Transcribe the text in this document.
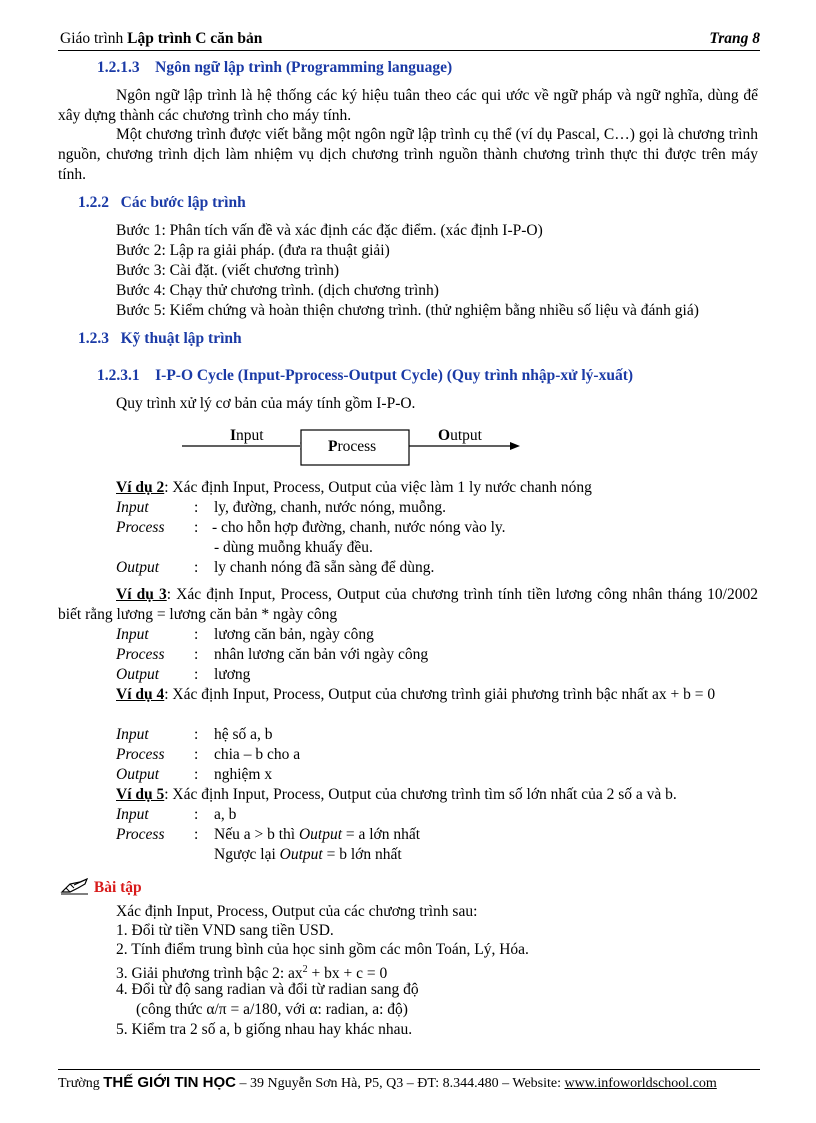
Giáo trình Lập trình C căn bản	Trang 8
1.2.1.3 Ngôn ngữ lập trình (Programming language)
Ngôn ngữ lập trình là hệ thống các ký hiệu tuân theo các qui ước về ngữ pháp và ngữ nghĩa, dùng để xây dựng thành các chương trình cho máy tính.
Một chương trình được viết bằng một ngôn ngữ lập trình cụ thể (ví dụ Pascal, C…) gọi là chương trình nguồn, chương trình dịch làm nhiệm vụ dịch chương trình nguồn thành chương trình thực thi được trên máy tính.
1.2.2 Các bước lập trình
Bước 1: Phân tích vấn đề và xác định các đặc điểm. (xác định I-P-O)
Bước 2: Lập ra giải pháp. (đưa ra thuật giải)
Bước 3: Cài đặt. (viết chương trình)
Bước 4: Chạy thử chương trình. (dịch chương trình)
Bước 5: Kiểm chứng và hoàn thiện chương trình. (thử nghiệm bằng nhiều số liệu và đánh giá)
1.2.3 Kỹ thuật lập trình
1.2.3.1 I-P-O Cycle (Input-Pprocess-Output Cycle) (Quy trình nhập-xử lý-xuất)
Quy trình xử lý cơ bản của máy tính gồm I-P-O.
Input
Process
Output
Ví dụ 2: Xác định Input, Process, Output của việc làm 1 ly nước chanh nóng
Input	: ly, đường, chanh, nước nóng, muỗng.
Process : - cho hỗn hợp đường, chanh, nước nóng vào ly.
- dùng muỗng khuấy đều.
Output : ly chanh nóng đã sẵn sàng để dùng.
Ví dụ 3: Xác định Input, Process, Output của chương trình tính tiền lương công nhân tháng 10/2002 biết rằng lương = lương căn bản * ngày công
Input	: lương căn bản, ngày công
Process : nhân lương căn bản với ngày công
Output : lương
Ví dụ 4: Xác định Input, Process, Output của chương trình giải phương trình bậc nhất ax + b = 0
Input	: hệ số a, b
Process : chia – b cho a
Output : nghiệm x
Ví dụ 5: Xác định Input, Process, Output của chương trình tìm số lớn nhất của 2 số a và b.
Input	: a, b
Process : Nếu a > b thì Output = a lớn nhất
Ngược lại Output = b lớn nhất
Bài tập
Xác định Input, Process, Output của các chương trình sau:
1. Đổi từ tiền VND sang tiền USD.
2. Tính điểm trung bình của học sinh gồm các môn Toán, Lý, Hóa.
3. Giải phương trình bậc 2: $ax^2$ + bx + c = 0
4. Đổi từ độ sang radian và đổi từ radian sang độ
(công thức α/π = a/180, với α: radian, a: độ)
5. Kiểm tra 2 số a, b giống nhau hay khác nhau.
Trường THẾ GIỚI TIN HỌC – 39 Nguyễn Sơn Hà, P5, Q3 – ĐT: 8.344.480 – Website: www.infoworldschool.com
